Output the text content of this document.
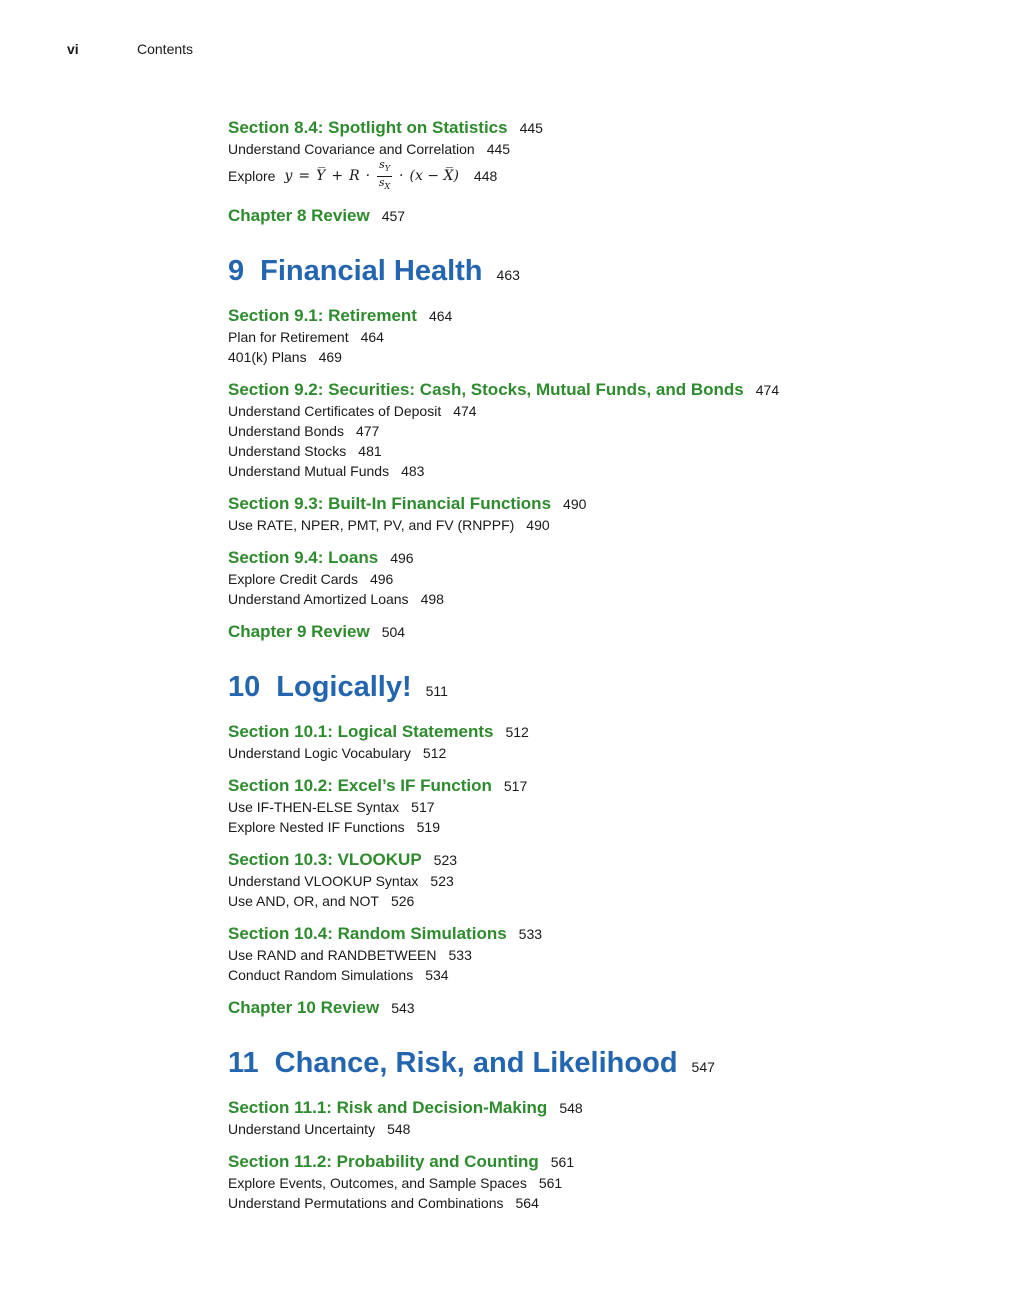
vi	Contents
Section 8.4: Spotlight on Statistics 445
Understand Covariance and Correlation 445
Explore y = Y̅ + $R \cdot \frac{s_Y}{s_X} \cdot (x$ − X̅) 448
Chapter 8 Review 457
9 Financial Health 463
Section 9.1: Retirement 464
Plan for Retirement 464
401(k) Plans 469
Section 9.2: Securities: Cash, Stocks, Mutual Funds, and Bonds 474
Understand Certificates of Deposit 474
Understand Bonds 477
Understand Stocks 481
Understand Mutual Funds 483
Section 9.3: Built-In Financial Functions 490
Use RATE, NPER, PMT, PV, and FV (RNPPF) 490
Section 9.4: Loans 496
Explore Credit Cards 496
Understand Amortized Loans 498
Chapter 9 Review 504
10 Logically! 511
Section 10.1: Logical Statements 512
Understand Logic Vocabulary 512
Section 10.2: Excel’s IF Function 517
Use IF-THEN-ELSE Syntax 517
Explore Nested IF Functions 519
Section 10.3: VLOOKUP 523
Understand VLOOKUP Syntax 523
Use AND, OR, and NOT 526
Section 10.4: Random Simulations 533
Use RAND and RANDBETWEEN 533
Conduct Random Simulations 534
Chapter 10 Review 543
11 Chance, Risk, and Likelihood 547
Section 11.1: Risk and Decision-Making 548
Understand Uncertainty 548
Section 11.2: Probability and Counting 561
Explore Events, Outcomes, and Sample Spaces 561
Understand Permutations and Combinations 564
